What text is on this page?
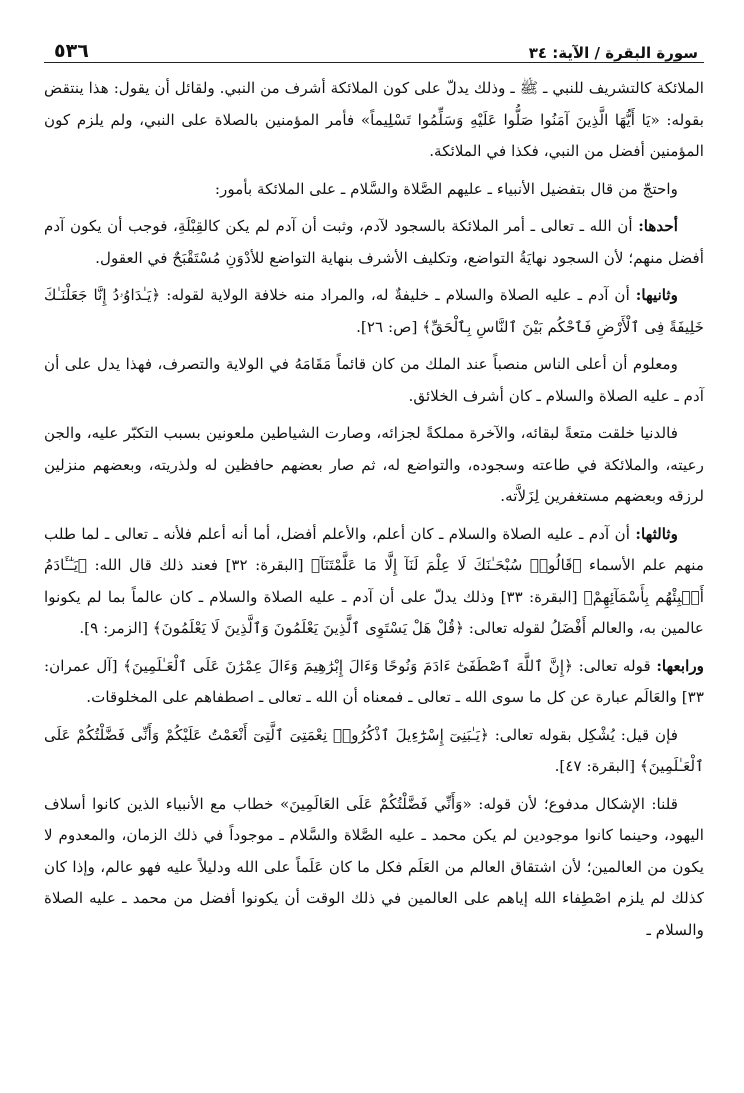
سورة البقرة / الآية: ٣٤
٥٣٦

الملائكة كالتشريف للنبي ـ ﷺ ـ وذلك يدلّ على كون الملائكة أشرف من النبي. ولقائل أن يقول: هذا ينتقض بقوله: «يَا أَيُّهَا الَّذِينَ آمَنُوا صَلُّوا عَلَيْهِ وَسَلِّمُوا تَسْلِيماً» فأمر المؤمنين بالصلاة على النبي، ولم يلزم كون المؤمنين أفضل من النبي، فكذا في الملائكة.

واحتجّ من قال بتفضيل الأنبياء ـ عليهم الصَّلاة والسَّلام ـ على الملائكة بأمور:

أحدها: أن الله ـ تعالى ـ أمر الملائكة بالسجود لآدم، وثبت أن آدم لم يكن كالقِبْلَةِ، فوجب أن يكون آدم أفضل منهم؛ لأن السجود نهايَةُ التواضع، وتكليف الأشرف بنهاية التواضع للأدْوَنِ مُسْتَقْبَحٌ في العقول.

وثانيها: أن آدم ـ عليه الصلاة والسلام ـ خليفةٌ له، والمراد منه خلافة الولاية لقوله: ﴿يَـٰدَاوُۥدُ إِنَّا جَعَلْنَـٰكَ خَلِيفَةً فِى ٱلْأَرْضِ فَٱحْكُم بَيْنَ ٱلنَّاسِ بِٱلْحَقِّ﴾ [ص: ٢٦].

ومعلوم أن أعلى الناس منصباً عند الملك من كان قائماً مَقَامَهُ في الولاية والتصرف، فهذا يدل على أن آدم ـ عليه الصلاة والسلام ـ كان أشرف الخلائق.

فالدنيا خلقت متعةً لبقائه، والآخرة مملكةً لجزائه، وصارت الشياطين ملعونين بسبب التكبّر عليه، والجن رعيته، والملائكة في طاعته وسجوده، والتواضع له، ثم صار بعضهم حافظين له ولذريته، وبعضهم منزلين لرزقه وبعضهم مستغفرين لِزَلاَّته.

وثالثها: أن آدم ـ عليه الصلاة والسلام ـ كان أعلم، والأعلم أفضل، أما أنه أعلم فلأنه ـ تعالى ـ لما طلب منهم علم الأسماء ﴿قَالُوا۟ سُبْحَـٰنَكَ لَا عِلْمَ لَنَآ إِلَّا مَا عَلَّمْتَنَآ﴾ [البقرة: ٣٢] فعند ذلك قال الله: ﴿يَـٰٓـَٔادَمُ أَنۢبِئْهُم بِأَسْمَآئِهِمْ﴾ [البقرة: ٣٣] وذلك يدلّ على أن آدم ـ عليه الصلاة والسلام ـ كان عالماً بما لم يكونوا عالمين به، والعالم أَفْضَلُ لقوله تعالى: ﴿قُلْ هَلْ يَسْتَوِى ٱلَّذِينَ يَعْلَمُونَ وَٱلَّذِينَ لَا يَعْلَمُونَ﴾ [الزمر: ٩].

ورابعها: قوله تعالى: ﴿إِنَّ ٱللَّهَ ٱصْطَفَىٰٓ ءَادَمَ وَنُوحًا وَءَالَ إِبْرَٰهِيمَ وَءَالَ عِمْرَٰنَ عَلَى ٱلْعَـٰلَمِينَ﴾ [آل عمران: ٣٣] والعَالَم عبارة عن كل ما سوى الله ـ تعالى ـ فمعناه أن الله ـ تعالى ـ اصطفاهم على المخلوقات.

فإن قيل: يُشْكِل بقوله تعالى: ﴿يَـٰبَنِىٓ إِسْرَٰٓءِيلَ ٱذْكُرُوا۟ نِعْمَتِىَ ٱلَّتِىٓ أَنْعَمْتُ عَلَيْكُمْ وَأَنِّى فَضَّلْتُكُمْ عَلَى ٱلْعَـٰلَمِينَ﴾ [البقرة: ٤٧].

قلنا: الإشكال مدفوع؛ لأن قوله: «وَأَنِّي فَضَّلْتُكُمْ عَلَى العَالَمِينَ» خطاب مع الأنبياء الذين كانوا أسلاف اليهود، وحينما كانوا موجودين لم يكن محمد ـ عليه الصَّلاة والسَّلام ـ موجوداً في ذلك الزمان، والمعدوم لا يكون من العالمين؛ لأن اشتقاق العالم من العَلَم فكل ما كان عَلَماً على الله ودليلاً عليه فهو عالم، وإذا كان كذلك لم يلزم اصْطِفاء الله إياهم على العالمين في ذلك الوقت أن يكونوا أفضل من محمد ـ عليه الصلاة والسلام ـ
